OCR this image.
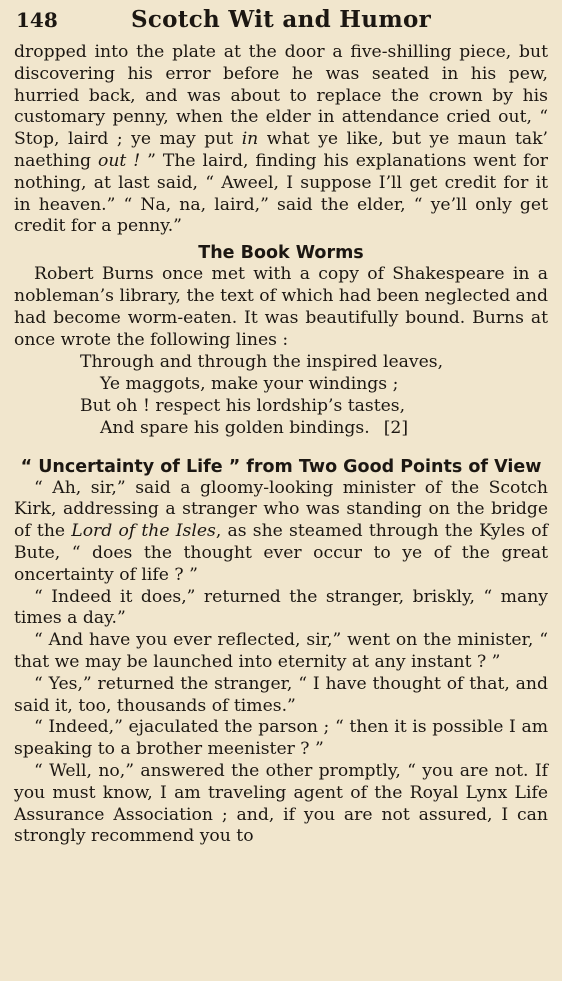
148	Scotch Wit and Humor

dropped into the plate at the door a five-shilling piece, but discovering his error before he was seated in his pew, hurried back, and was about to replace the crown by his customary penny, when the elder in attendance cried out, “ Stop, laird ; ye may put in what ye like, but ye maun tak’ naething out ! ” The laird, finding his explanations went for nothing, at last said, “ Aweel, I suppose I’ll get credit for it in heaven.” “ Na, na, laird,” said the elder, “ ye’ll only get credit for a penny.”

The Book Worms

Robert Burns once met with a copy of Shakespeare in a nobleman’s library, the text of which had been neglected and had become worm-eaten. It was beautifully bound. Burns at once wrote the following lines :

Through and through the inspired leaves,
Ye maggots, make your windings ;
But oh ! respect his lordship’s tastes,
And spare his golden bindings. [2]
“ Uncertainty of Life ” from Two Good Points of View

“ Ah, sir,” said a gloomy-looking minister of the Scotch Kirk, addressing a stranger who was standing on the bridge of the Lord of the Isles, as she steamed through the Kyles of Bute, “ does the thought ever occur to ye of the great oncertainty of life ? ”

“ Indeed it does,” returned the stranger, briskly, “ many times a day.”

“ And have you ever reflected, sir,” went on the minister, “ that we may be launched into eternity at any instant ? ”

“ Yes,” returned the stranger, “ I have thought of that, and said it, too, thousands of times.”

“ Indeed,” ejaculated the parson ; “ then it is possible I am speaking to a brother meenister ? ”

“ Well, no,” answered the other promptly, “ you are not. If you must know, I am traveling agent of the Royal Lynx Life Assurance Association ; and, if you are not assured, I can strongly recommend you to
